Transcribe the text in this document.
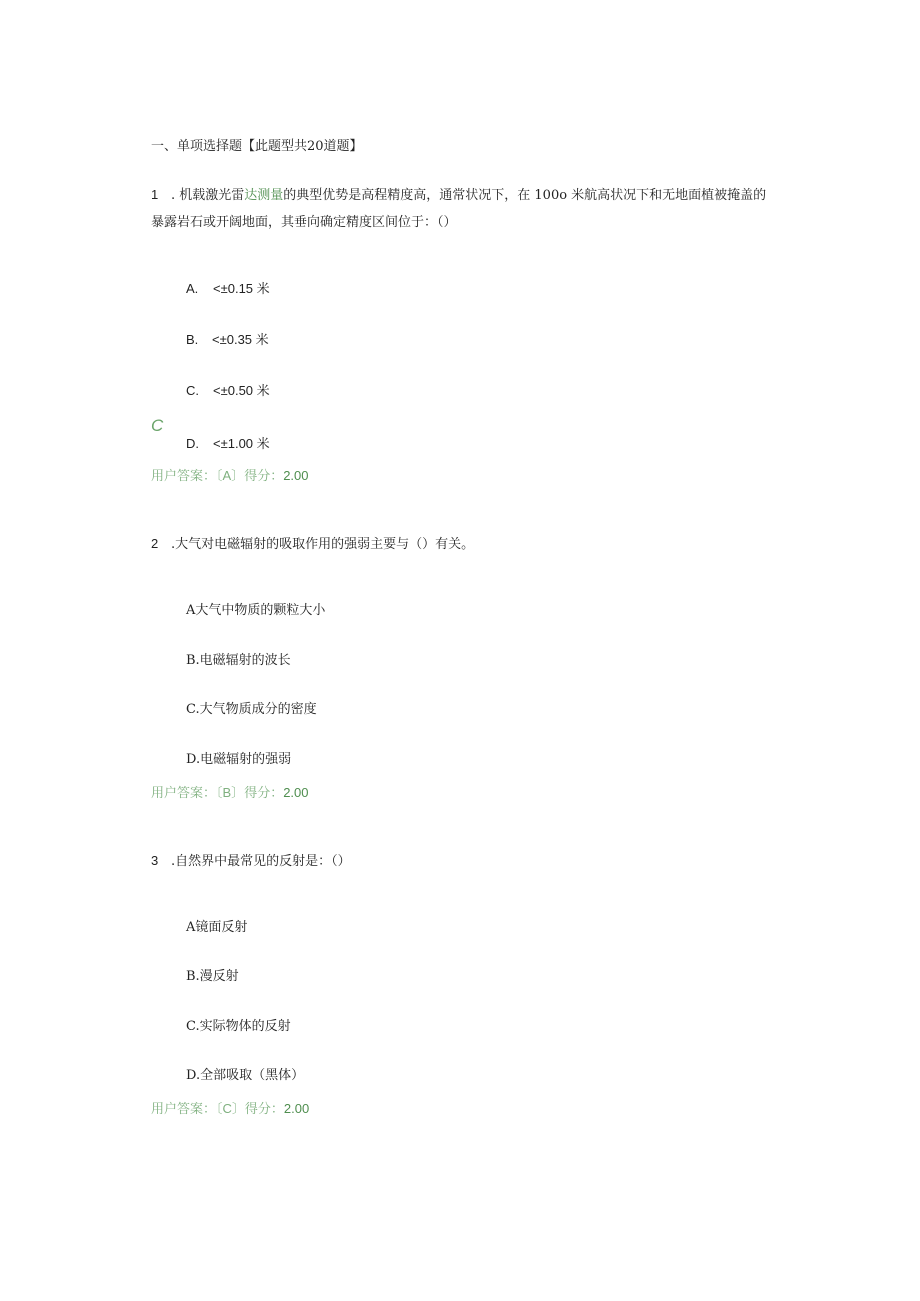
一、单项选择题【此题型共20道题】
1 . 机载激光雷达测量的典型优势是高程精度高，通常状况下，在 100o 米航高状况下和无地面植被掩盖的
暴露岩石或开阔地面，其垂向确定精度区间位于：（）
A. <±0.15 米
B. <±0.35 米
C. <±0.50 米
C
D. <±1.00 米
用户答案：〔A〕得分：2.00
2 .大气对电磁辐射的吸取作用的强弱主要与（）有关。
A大气中物质的颗粒大小
B.电磁辐射的波长
C.大气物质成分的密度
D.电磁辐射的强弱
用户答案：〔B〕得分：2.00
3 .自然界中最常见的反射是：（）
A镜面反射
B.漫反射
C.实际物体的反射
D.全部吸取（黑体）
用户答案：〔C〕得分：2.00
